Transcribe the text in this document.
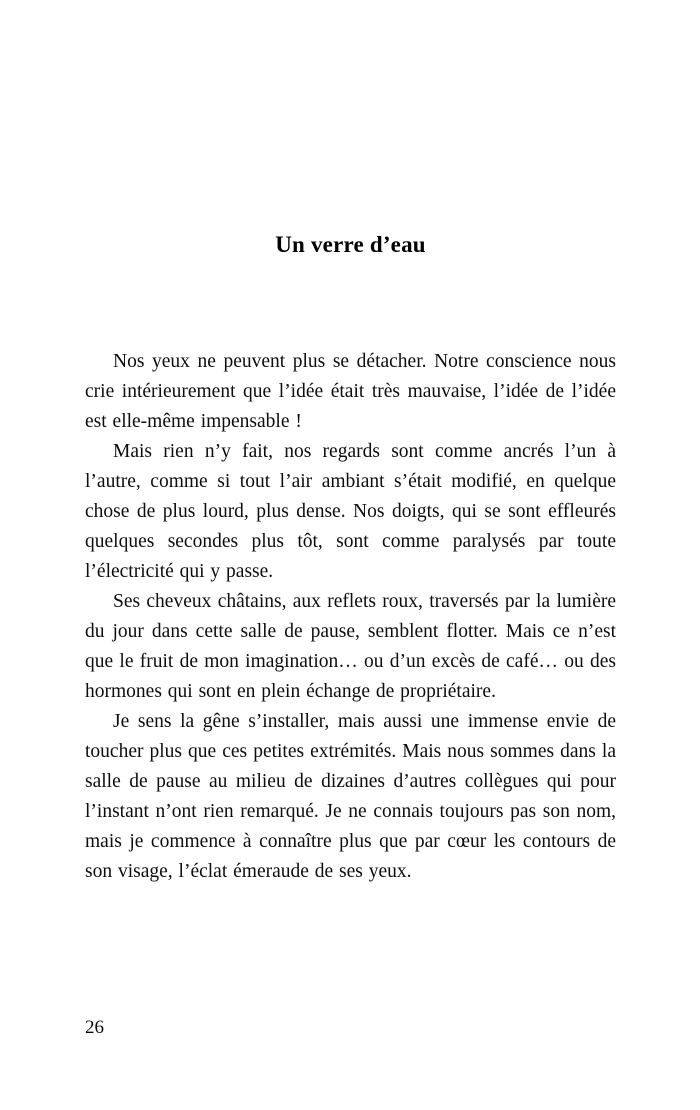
Un verre d’eau

Nos yeux ne peuvent plus se détacher. Notre conscience nous crie intérieurement que l’idée était très mauvaise, l’idée de l’idée est elle-même impensable !

Mais rien n’y fait, nos regards sont comme ancrés l’un à l’autre, comme si tout l’air ambiant s’était modifié, en quelque chose de plus lourd, plus dense. Nos doigts, qui se sont effleurés quelques secondes plus tôt, sont comme paralysés par toute l’électricité qui y passe.

Ses cheveux châtains, aux reflets roux, traversés par la lumière du jour dans cette salle de pause, semblent flotter. Mais ce n’est que le fruit de mon imagination… ou d’un excès de café… ou des hormones qui sont en plein échange de propriétaire.

Je sens la gêne s’installer, mais aussi une immense envie de toucher plus que ces petites extrémités. Mais nous sommes dans la salle de pause au milieu de dizaines d’autres collègues qui pour l’instant n’ont rien remarqué. Je ne connais toujours pas son nom, mais je commence à connaître plus que par cœur les contours de son visage, l’éclat émeraude de ses yeux.

26
